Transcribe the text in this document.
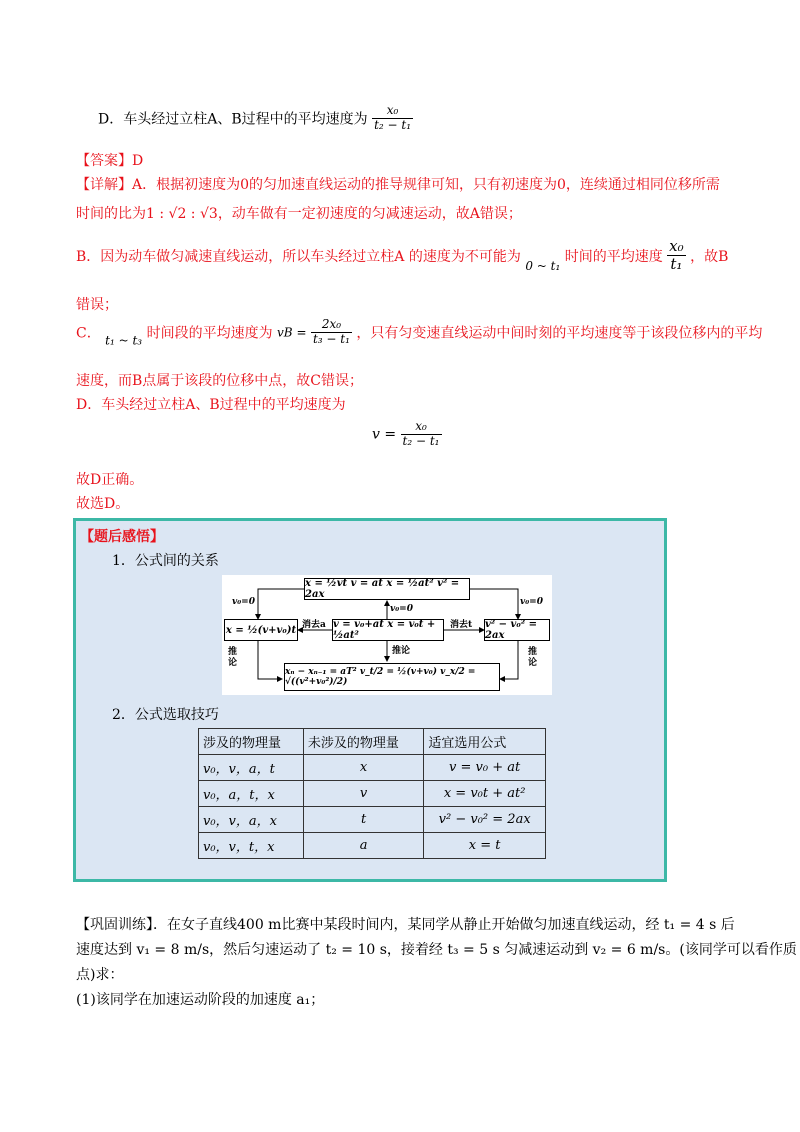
D．车头经过立柱A、B过程中的平均速度为 $\frac{\text{x₀}}{\text{t₂ − t₁}}$
【答案】D
【详解】A．根据初速度为0的匀加速直线运动的推导规律可知，只有初速度为0，连续通过相同位移所需
时间的比为1 : √2 : √3，动车做有一定初速度的匀减速运动，故A错误；
B．因为动车做匀减速直线运动，所以车头经过立柱A 的速度为不可能为 0 ~ t₁ 时间的平均速度 $\frac{\text{x₀}}{\text{t₁}}$ ，故B
错误；
C． t₁ ~ t₃ 时间段的平均速度为 vB = $\frac{\text{2x₀}}{\text{t₃ − t₁}}$ ，只有匀变速直线运动中间时刻的平均速度等于该段位移内的平均
速度，而B点属于该段的位移中点，故C错误；
D．车头经过立柱A、B过程中的平均速度为
$v = \frac{\text{x₀}}{\text{t₂ − t₁}}$
故D正确。
故选D。
【题后感悟】
1．公式间的关系
x = ½vt v = at x = ½at² v² = 2ax
x = ½(v+v₀)t	v = v₀+at x = v₀t + ½at²
v² − v₀² = 2ax
xₙ − xₙ₋₁ = aT² v_t/2 = ½(v+v₀) v_x/2 = √((v²+v₀²)/2)
v₀=0
v₀=0
v₀=0
消去a	消去t
推论
推论	推论
2．公式选取技巧
涉及的物理量	未涉及的物理量	适宜选用公式
v₀，v，a，t	x	v = v₀ + at
v₀，a，t，x	v	x = v₀t + at²
v₀，v，a，x	t	v² − v₀² = 2ax
v₀，v，t，x	a	x = t
【巩固训练】．在女子直线400 m比赛中某段时间内，某同学从静止开始做匀加速直线运动，经 t₁ = 4 s 后
速度达到 v₁ = 8 m/s，然后匀速运动了 t₂ = 10 s，接着经 t₃ = 5 s 匀减速运动到 v₂ = 6 m/s。(该同学可以看作质
点)求：
(1)该同学在加速运动阶段的加速度 a₁；
